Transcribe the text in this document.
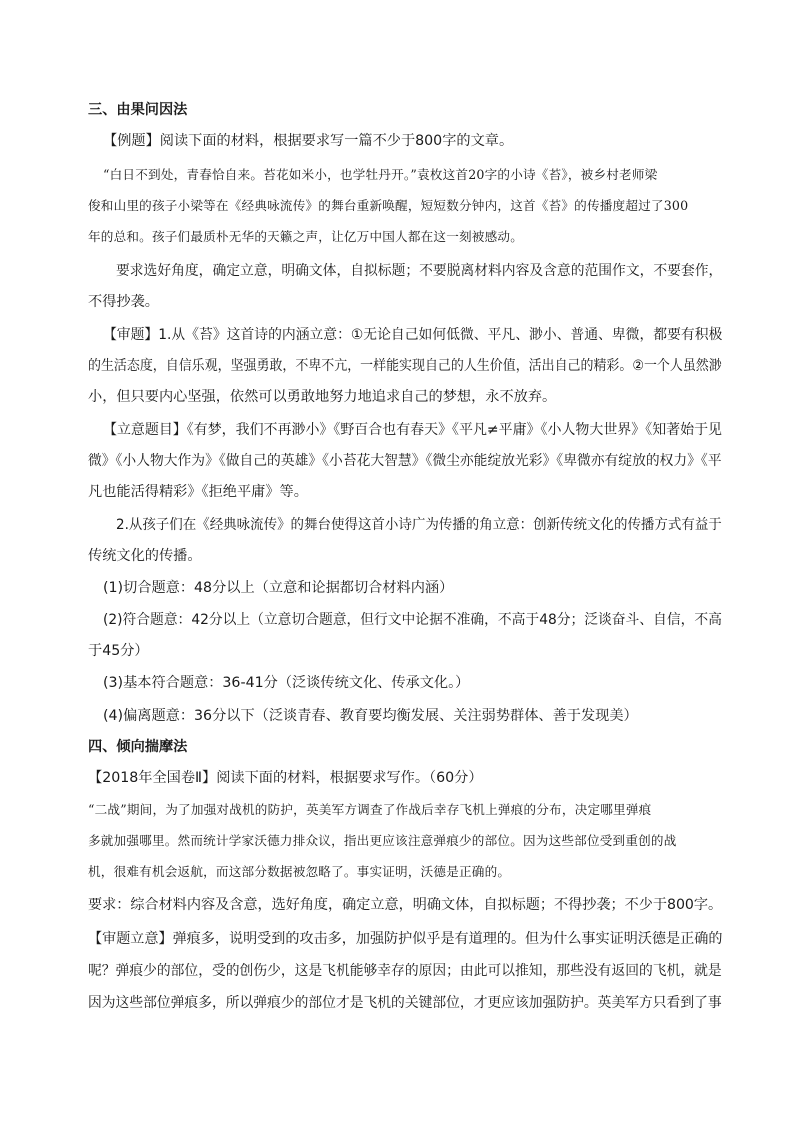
三、由果问因法
【例题】阅读下面的材料，根据要求写一篇不少于800字的文章。
“白日不到处，青春恰自来。苔花如米小，也学牡丹开。”袁枚这首20字的小诗《苔》，被乡村老师梁
俊和山里的孩子小梁等在《经典咏流传》的舞台重新唤醒，短短数分钟内，这首《苔》的传播度超过了300
年的总和。孩子们最质朴无华的天籁之声，让亿万中国人都在这一刻被感动。
要求选好角度，确定立意，明确文体，自拟标题；不要脱离材料内容及含意的范围作文，不要套作，
不得抄袭。
【审题】1.从《苔》这首诗的内涵立意：①无论自己如何低微、平凡、渺小、普通、卑微，都要有积极
的生活态度，自信乐观，坚强勇敢，不卑不亢，一样能实现自己的人生价值，活出自己的精彩。②一个人虽然渺
小，但只要内心坚强，依然可以勇敢地努力地追求自己的梦想，永不放弃。
【立意题目】《有梦，我们不再渺小》《野百合也有春天》《平凡≠平庸》《小人物大世界》《知著始于见
微》《小人物大作为》《做自己的英雄》《小苔花大智慧》《微尘亦能绽放光彩》《卑微亦有绽放的权力》《平
凡也能活得精彩》《拒绝平庸》等。
2.从孩子们在《经典咏流传》的舞台使得这首小诗广为传播的角立意：创新传统文化的传播方式有益于
传统文化的传播。
(1)切合题意：48分以上（立意和论据都切合材料内涵）
(2)符合题意：42分以上（立意切合题意，但行文中论据不准确，不高于48分；泛谈奋斗、自信，不高
于45分）
(3)基本符合题意：36-41分（泛谈传统文化、传承文化。）
(4)偏离题意：36分以下（泛谈青春、教育要均衡发展、关注弱势群体、善于发现美）
四、倾向揣摩法
【2018年全国卷Ⅱ】阅读下面的材料，根据要求写作。（60分）
“二战”期间，为了加强对战机的防护，英美军方调查了作战后幸存飞机上弹痕的分布，决定哪里弹痕
多就加强哪里。然而统计学家沃德力排众议，指出更应该注意弹痕少的部位。因为这些部位受到重创的战
机，很难有机会返航，而这部分数据被忽略了。事实证明，沃德是正确的。
要求：综合材料内容及含意，选好角度，确定立意，明确文体，自拟标题；不得抄袭；不少于800字。
【审题立意】弹痕多，说明受到的攻击多，加强防护似乎是有道理的。但为什么事实证明沃德是正确的
呢？弹痕少的部位，受的创伤少，这是飞机能够幸存的原因；由此可以推知，那些没有返回的飞机，就是
因为这些部位弹痕多，所以弹痕少的部位才是飞机的关键部位，才更应该加强防护。英美军方只看到了事
